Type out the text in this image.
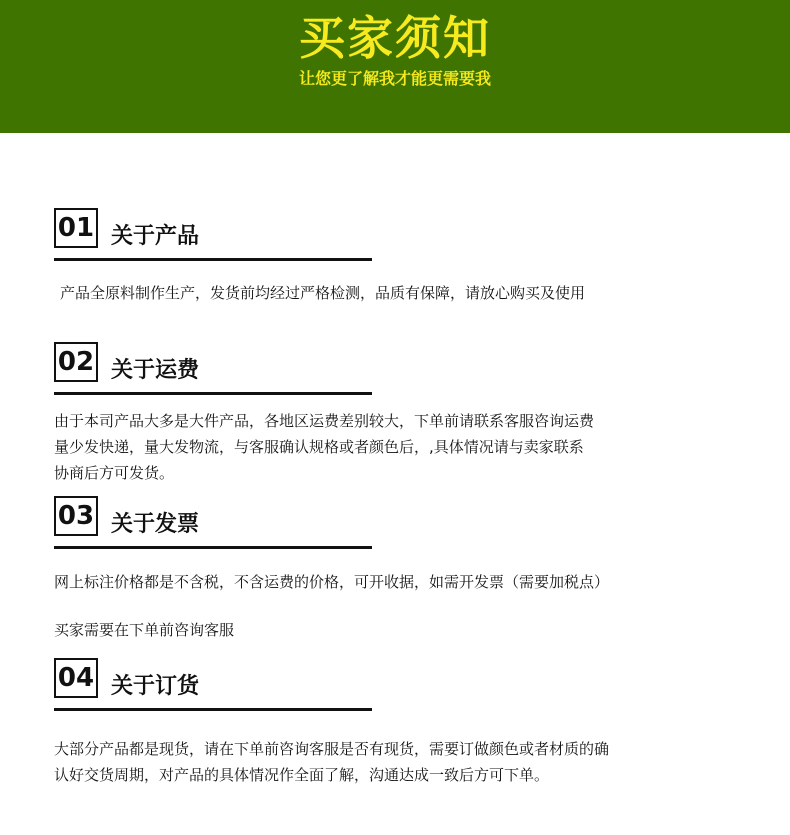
买家须知
让您更了解我才能更需要我
01 关于产品
产品全原料制作生产，发货前均经过严格检测，品质有保障，请放心购买及使用
02 关于运费
由于本司产品大多是大件产品，各地区运费差别较大，下单前请联系客服咨询运费
量少发快递，量大发物流，与客服确认规格或者颜色后，,具体情况请与卖家联系
协商后方可发货。
03 关于发票
网上标注价格都是不含税，不含运费的价格，可开收据，如需开发票（需要加税点）
买家需要在下单前咨询客服
04 关于订货
大部分产品都是现货，请在下单前咨询客服是否有现货，需要订做颜色或者材质的确
认好交货周期，对产品的具体情况作全面了解，沟通达成一致后方可下单。
